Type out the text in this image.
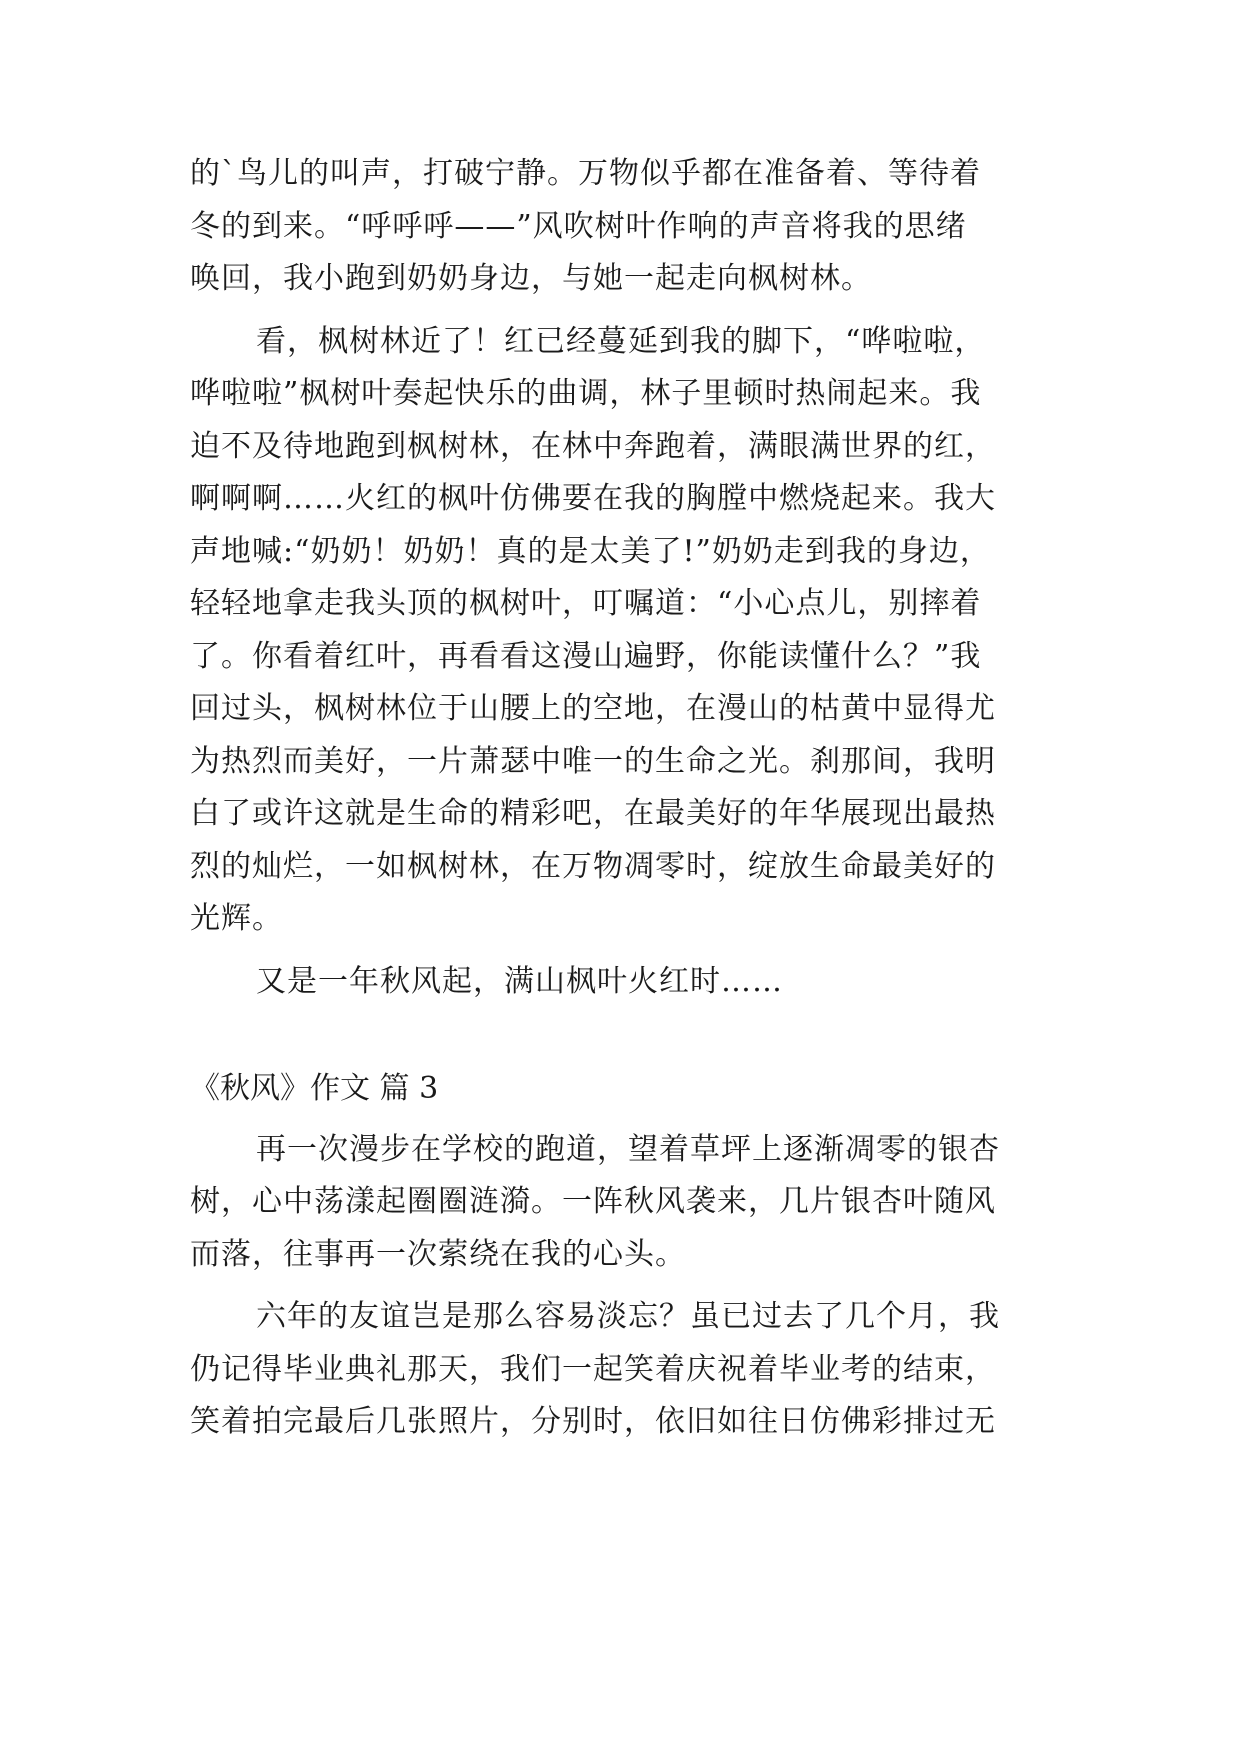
的`鸟儿的叫声，打破宁静。万物似乎都在准备着、等待着
冬的到来。“呼呼呼——”风吹树叶作响的声音将我的思绪
唤回，我小跑到奶奶身边，与她一起走向枫树林。
看，枫树林近了！红已经蔓延到我的脚下，“哗啦啦，
哗啦啦”枫树叶奏起快乐的曲调，林子里顿时热闹起来。我
迫不及待地跑到枫树林，在林中奔跑着，满眼满世界的红，
啊啊啊……火红的枫叶仿佛要在我的胸膛中燃烧起来。我大
声地喊:“奶奶！奶奶！真的是太美了!”奶奶走到我的身边，
轻轻地拿走我头顶的枫树叶，叮嘱道：“小心点儿，别摔着
了。你看着红叶，再看看这漫山遍野，你能读懂什么？”我
回过头，枫树林位于山腰上的空地，在漫山的枯黄中显得尤
为热烈而美好，一片萧瑟中唯一的生命之光。刹那间，我明
白了或许这就是生命的精彩吧，在最美好的年华展现出最热
烈的灿烂，一如枫树林，在万物凋零时，绽放生命最美好的
光辉。
又是一年秋风起，满山枫叶火红时……
《秋风》作文 篇 3
再一次漫步在学校的跑道，望着草坪上逐渐凋零的银杏
树，心中荡漾起圈圈涟漪。一阵秋风袭来，几片银杏叶随风
而落，往事再一次萦绕在我的心头。
六年的友谊岂是那么容易淡忘？虽已过去了几个月，我
仍记得毕业典礼那天，我们一起笑着庆祝着毕业考的结束，
笑着拍完最后几张照片，分别时，依旧如往日仿佛彩排过无
